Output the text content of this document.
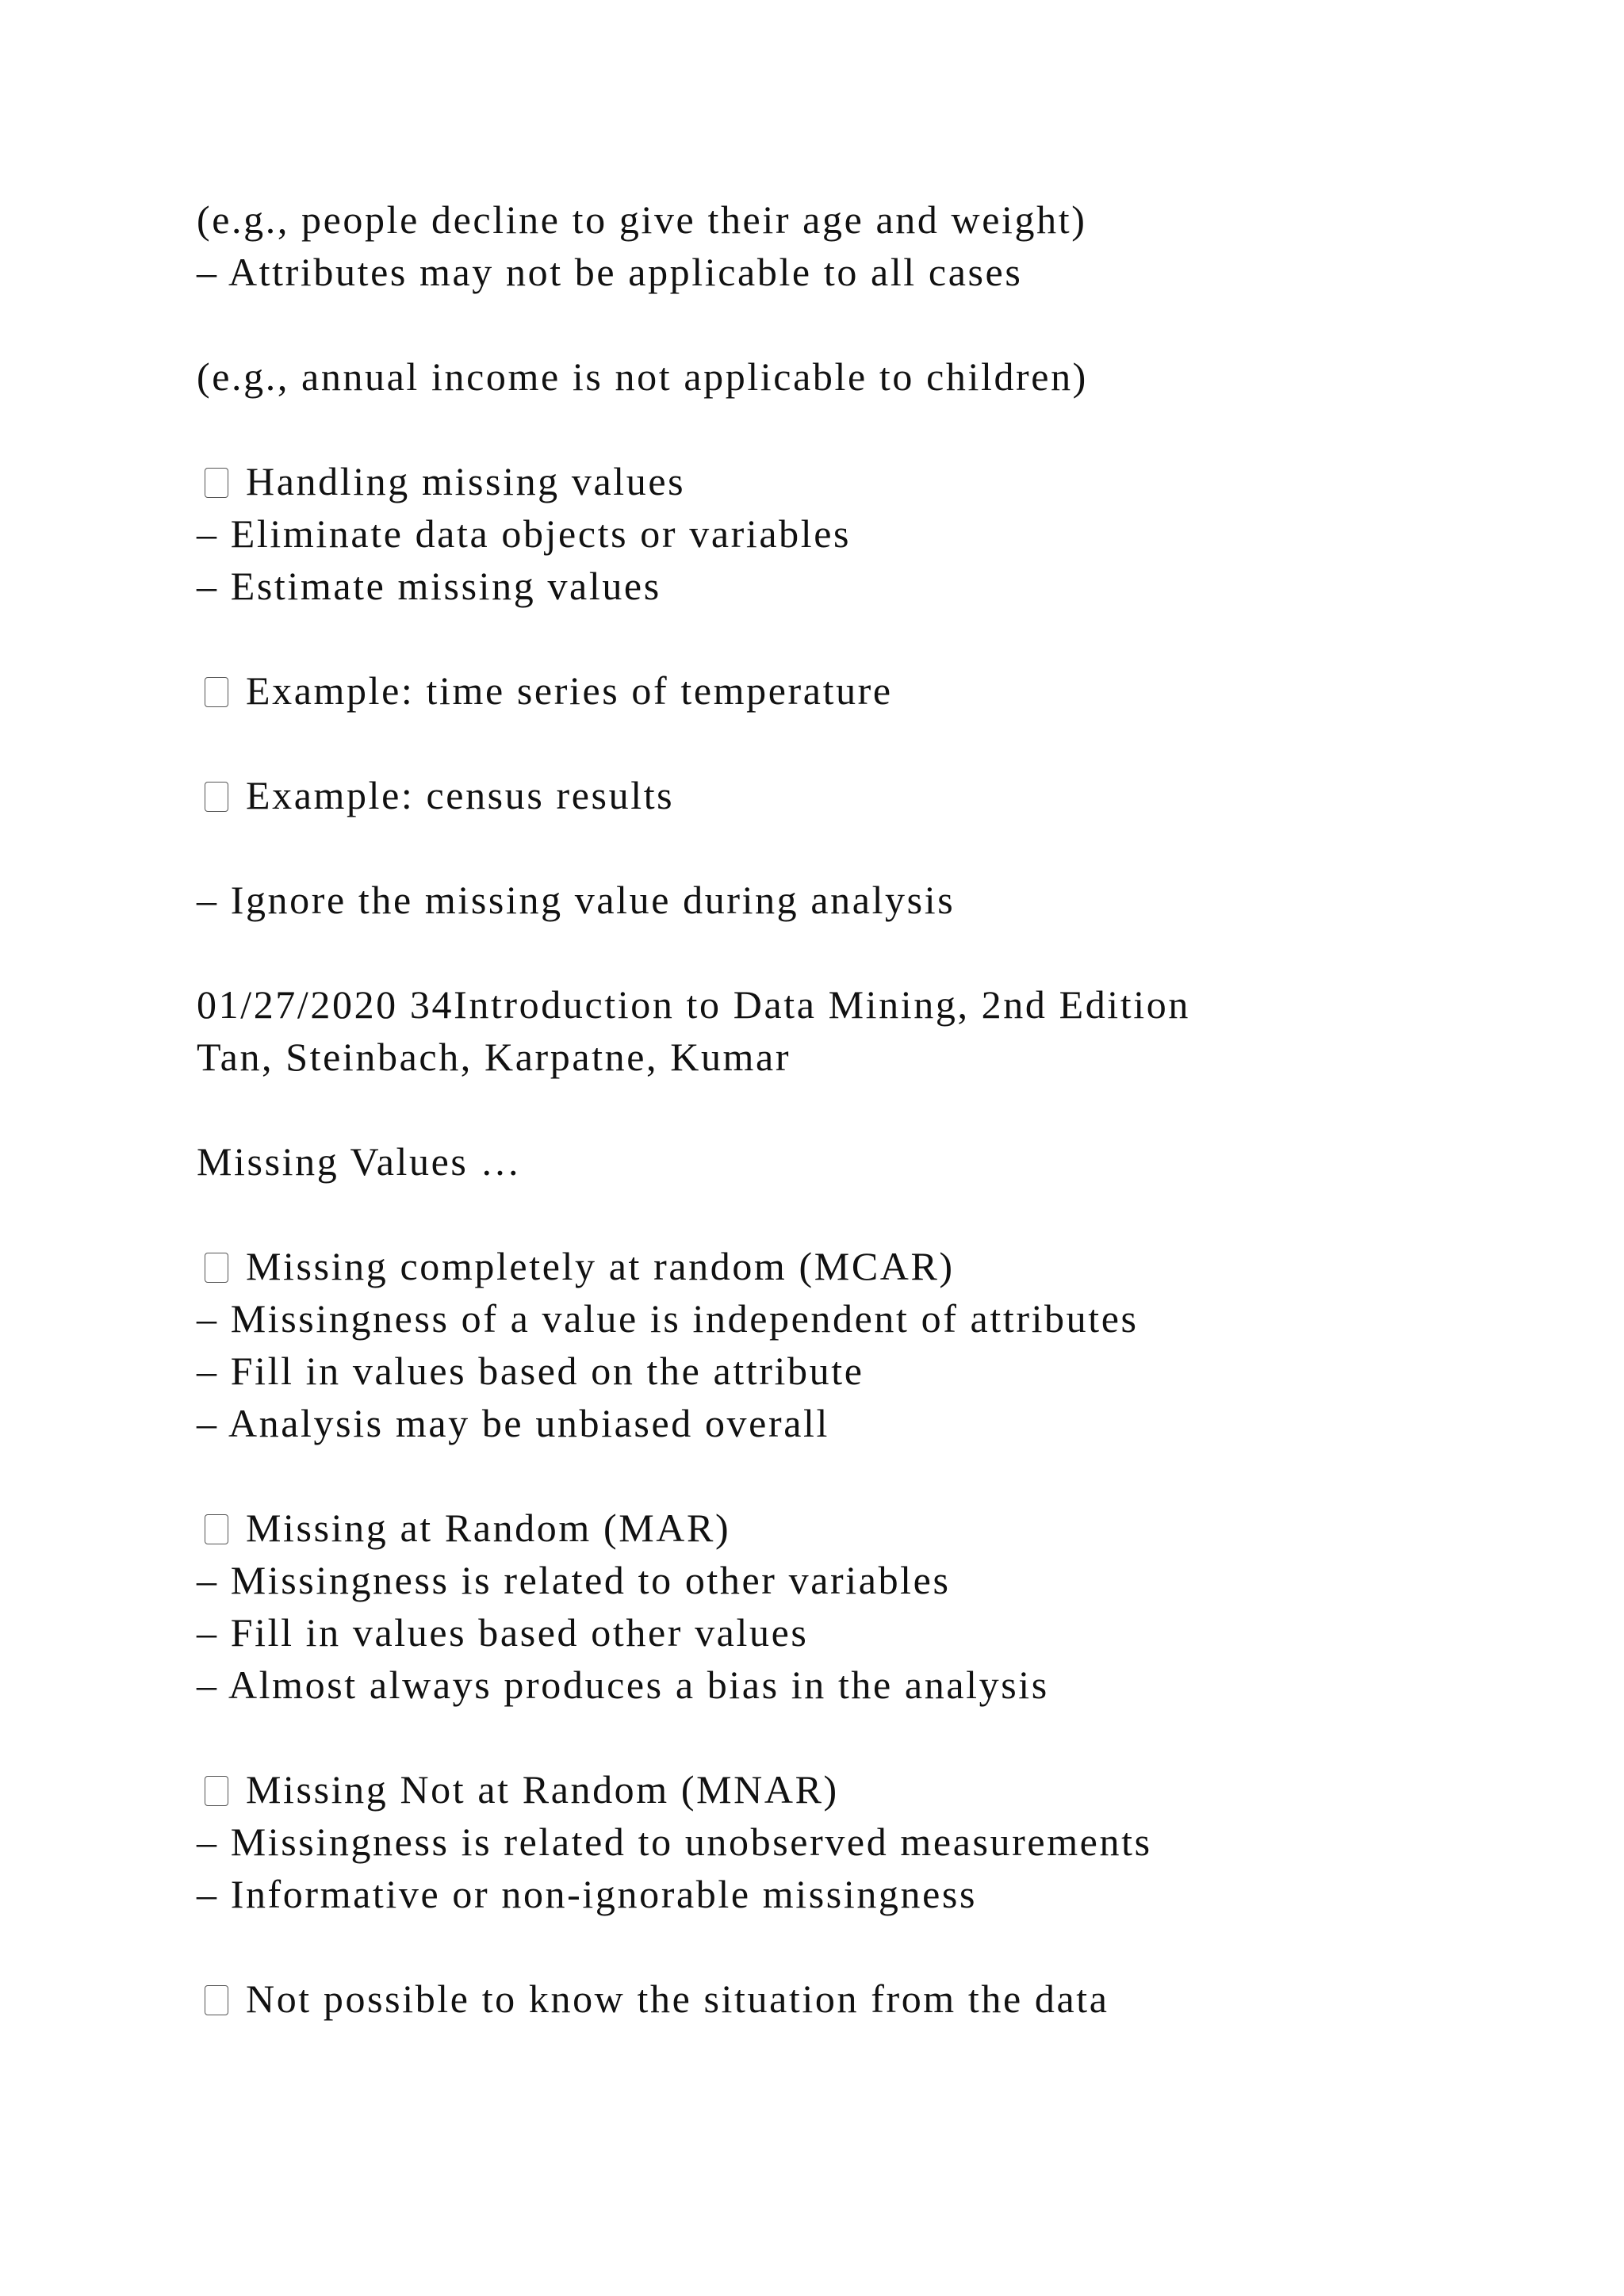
(e.g., people decline to give their age and weight)
– Attributes may not be applicable to all cases
(e.g., annual income is not applicable to children)
Handling missing values
– Eliminate data objects or variables
– Estimate missing values
Example: time series of temperature
Example: census results
– Ignore the missing value during analysis
01/27/2020 34Introduction to Data Mining, 2nd Edition
Tan, Steinbach, Karpatne, Kumar
Missing Values …
Missing completely at random (MCAR)
– Missingness of a value is independent of attributes
– Fill in values based on the attribute
– Analysis may be unbiased overall
Missing at Random (MAR)
– Missingness is related to other variables
– Fill in values based other values
– Almost always produces a bias in the analysis
Missing Not at Random (MNAR)
– Missingness is related to unobserved measurements
– Informative or non-ignorable missingness
Not possible to know the situation from the data
